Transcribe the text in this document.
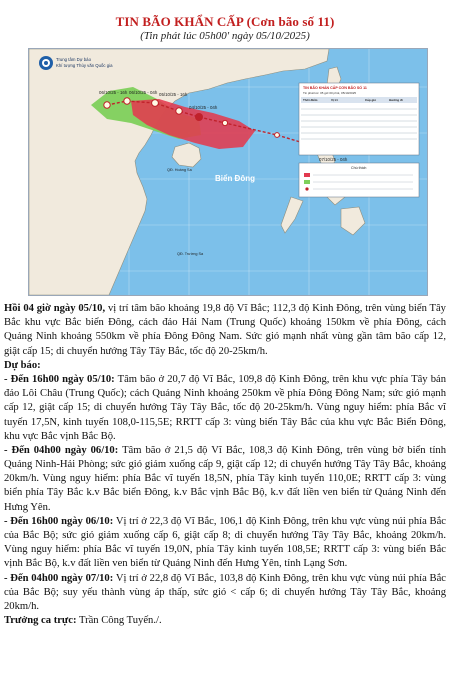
TIN BÃO KHẨN CẤP (Cơn bão số 11)
(Tin phát lúc 05h00' ngày 05/10/2025)
04/10/25 - 04h
05/10/25 - 16h
06/10/25 - 04h
06/10/25 - 16h
07/10/25 - 04h
Trung tâm Dự báo
Khí tượng Thủy văn Quốc gia
Biển Đông
QĐ. Hoàng Sa
QĐ. Trường Sa
TIN BÃO KHẨN CẤP CƠN BÃO SỐ 11
Tin phát lúc: 05 giờ 00 phút, 05/10/2025
Thời điểm	Vị trí	Cấp gió	Hướng đi
Chú thích

Hồi 04 giờ ngày 05/10, vị trí tâm bão khoảng 19,8 độ Vĩ Bắc; 112,3 độ Kinh Đông, trên vùng biển Tây Bắc khu vực Bắc biển Đông, cách đảo Hải Nam (Trung Quốc) khoảng 150km về phía Đông, cách Quảng Ninh khoảng 550km về phía Đông Đông Nam. Sức gió mạnh nhất vùng gần tâm bão cấp 12, giật cấp 15; di chuyển hướng Tây Tây Bắc, tốc độ 20-25km/h.

Dự báo:

- Đến 16h00 ngày 05/10: Tâm bão ở 20,7 độ Vĩ Bắc, 109,8 độ Kinh Đông, trên khu vực phía Tây bán đảo Lôi Châu (Trung Quốc); cách Quảng Ninh khoảng 250km về phía Đông Đông Nam; sức gió mạnh cấp 12, giật cấp 15; di chuyển hướng Tây Tây Bắc, tốc độ 20-25km/h. Vùng nguy hiểm: phía Bắc vĩ tuyến 17,5N, kinh tuyến 108,0-115,5E; RRTT cấp 3: vùng biển Tây Bắc của khu vực Bắc Biển Đông, khu vực Bắc vịnh Bắc Bộ.

- Đến 04h00 ngày 06/10: Tâm bão ở 21,5 độ Vĩ Bắc, 108,3 độ Kinh Đông, trên vùng bờ biển tỉnh Quảng Ninh-Hải Phòng; sức gió giảm xuống cấp 9, giật cấp 12; di chuyển hướng Tây Tây Bắc, khoảng 20km/h. Vùng nguy hiểm: phía Bắc vĩ tuyến 18,5N, phía Tây kinh tuyến 110,0E; RRTT cấp 3: vùng biển phía Tây Bắc k.v Bắc biển Đông, k.v Bắc vịnh Bắc Bộ, k.v đất liền ven biển từ Quảng Ninh đến Hưng Yên.

- Đến 16h00 ngày 06/10: Vị trí ở 22,3 độ Vĩ Bắc, 106,1 độ Kinh Đông, trên khu vực vùng núi phía Bắc của Bắc Bộ; sức gió giảm xuống cấp 6, giật cấp 8; di chuyển hướng Tây Tây Bắc, khoảng 20km/h. Vùng nguy hiểm: phía Bắc vĩ tuyến 19,0N, phía Tây kinh tuyến 108,5E; RRTT cấp 3: vùng biển Bắc vịnh Bắc Bộ, k.v đất liền ven biển từ Quảng Ninh đến Hưng Yên, tỉnh Lạng Sơn.

- Đến 04h00 ngày 07/10: Vị trí ở 22,8 độ Vĩ Bắc, 103,8 độ Kinh Đông, trên khu vực vùng núi phía Bắc của Bắc Bộ; suy yếu thành vùng áp thấp, sức gió < cấp 6; di chuyển hướng Tây Tây Bắc, khoảng 20km/h.

Trưởng ca trực: Trần Công Tuyến./.
